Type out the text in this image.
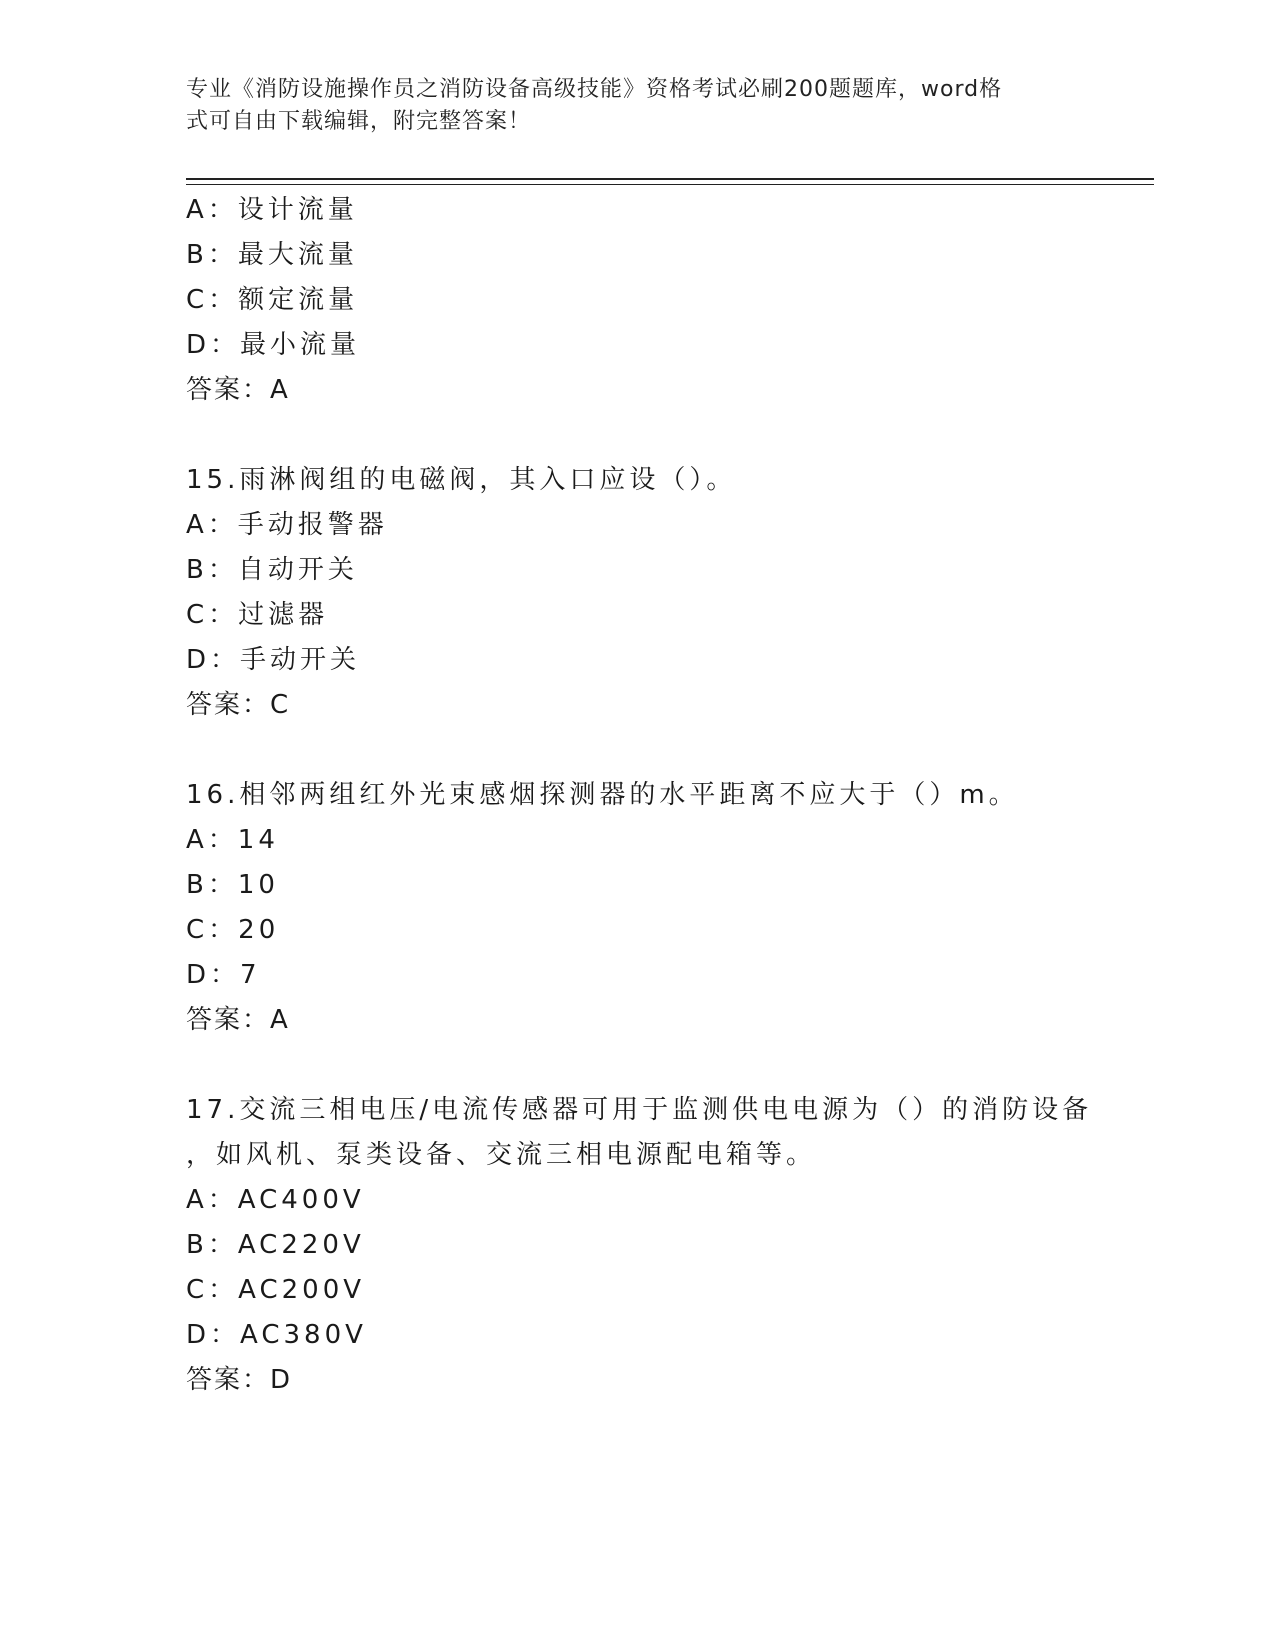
专业《消防设施操作员之消防设备高级技能》资格考试必刷200题题库，word格
式可自由下载编辑，附完整答案！
A：设计流量
B：最大流量
C：额定流量
D：最小流量
答案：A
15.雨淋阀组的电磁阀，其入口应设（）。
A：手动报警器
B：自动开关
C：过滤器
D：手动开关
答案：C
16.相邻两组红外光束感烟探测器的水平距离不应大于（）m。
A：14
B：10
C：20
D：7
答案：A
17.交流三相电压/电流传感器可用于监测供电电源为（）的消防设备
，如风机、泵类设备、交流三相电源配电箱等。
A：AC400V
B：AC220V
C：AC200V
D：AC380V
答案：D
